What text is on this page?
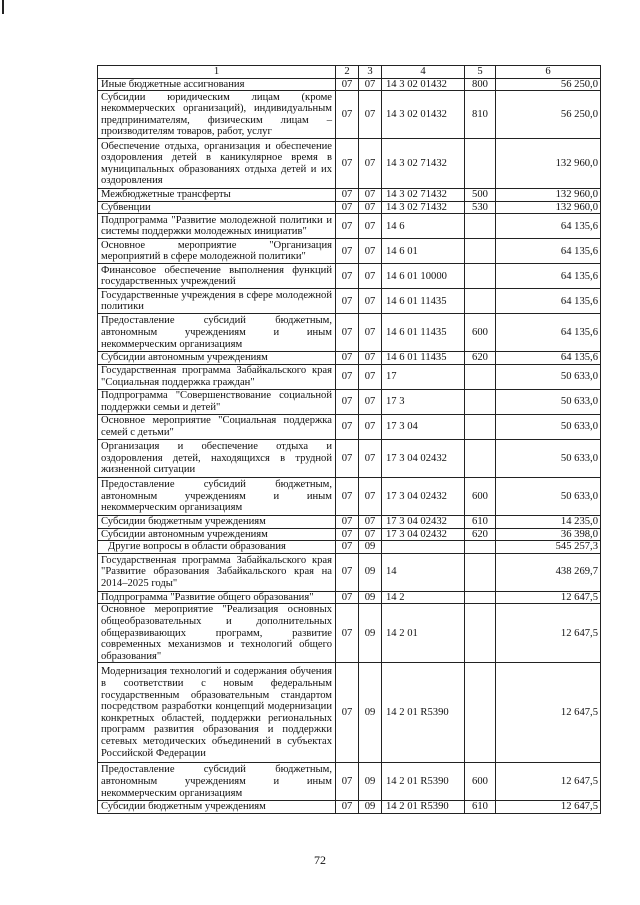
1	2	3	4	5	6
Иные бюджетные ассигнования	07	07	14 3 02 01432	800	56 250,0
Субсидии юридическим лицам (кроме некоммерческих организаций), индивидуальным предпринимателям, физическим лицам – производителям товаров, работ, услуг	07	07	14 3 02 01432	810	56 250,0
Обеспечение отдыха, организация и обеспечение оздоровления детей в каникулярное время в муниципальных образованиях отдыха детей и их оздоровления	07	07	14 3 02 71432		132 960,0
Межбюджетные трансферты	07	07	14 3 02 71432	500	132 960,0
Субвенции	07	07	14 3 02 71432	530	132 960,0
Подпрограмма "Развитие молодежной политики и системы поддержки молодежных инициатив"	07	07	14 6		64 135,6
Основное мероприятие "Организация мероприятий в сфере молодежной политики"	07	07	14 6 01		64 135,6
Финансовое обеспечение выполнения функций государственных учреждений	07	07	14 6 01 10000		64 135,6
Государственные учреждения в сфере молодежной политики	07	07	14 6 01 11435		64 135,6
Предоставление субсидий бюджетным, автономным учреждениям и иным некоммерческим организациям	07	07	14 6 01 11435	600	64 135,6
Субсидии автономным учреждениям	07	07	14 6 01 11435	620	64 135,6
Государственная программа Забайкальского края "Социальная поддержка граждан"	07	07	17		50 633,0
Подпрограмма "Совершенствование социальной поддержки семьи и детей"	07	07	17 3		50 633,0
Основное мероприятие "Социальная поддержка семей с детьми"	07	07	17 3 04		50 633,0
Организация и обеспечение отдыха и оздоровления детей, находящихся в трудной жизненной ситуации	07	07	17 3 04 02432		50 633,0
Предоставление субсидий бюджетным, автономным учреждениям и иным некоммерческим организациям	07	07	17 3 04 02432	600	50 633,0
Субсидии бюджетным учреждениям	07	07	17 3 04 02432	610	14 235,0
Субсидии автономным учреждениям	07	07	17 3 04 02432	620	36 398,0
Другие вопросы в области образования	07	09			545 257,3
Государственная программа Забайкальского края "Развитие образования Забайкальского края на 2014–2025 годы"	07	09	14		438 269,7
Подпрограмма "Развитие общего образования"	07	09	14 2		12 647,5
Основное мероприятие "Реализация основных общеобразовательных и дополнительных общеразвивающих программ, развитие современных механизмов и технологий общего образования"	07	09	14 2 01		12 647,5
Модернизация технологий и содержания обучения в соответствии с новым федеральным государственным образовательным стандартом посредством разработки концепций модернизации конкретных областей, поддержки региональных программ развития образования и поддержки сетевых методических объединений в субъектах Российской Федерации	07	09	14 2 01 R5390		12 647,5
Предоставление субсидий бюджетным, автономным учреждениям и иным некоммерческим организациям	07	09	14 2 01 R5390	600	12 647,5
Субсидии бюджетным учреждениям	07	09	14 2 01 R5390	610	12 647,5
72
